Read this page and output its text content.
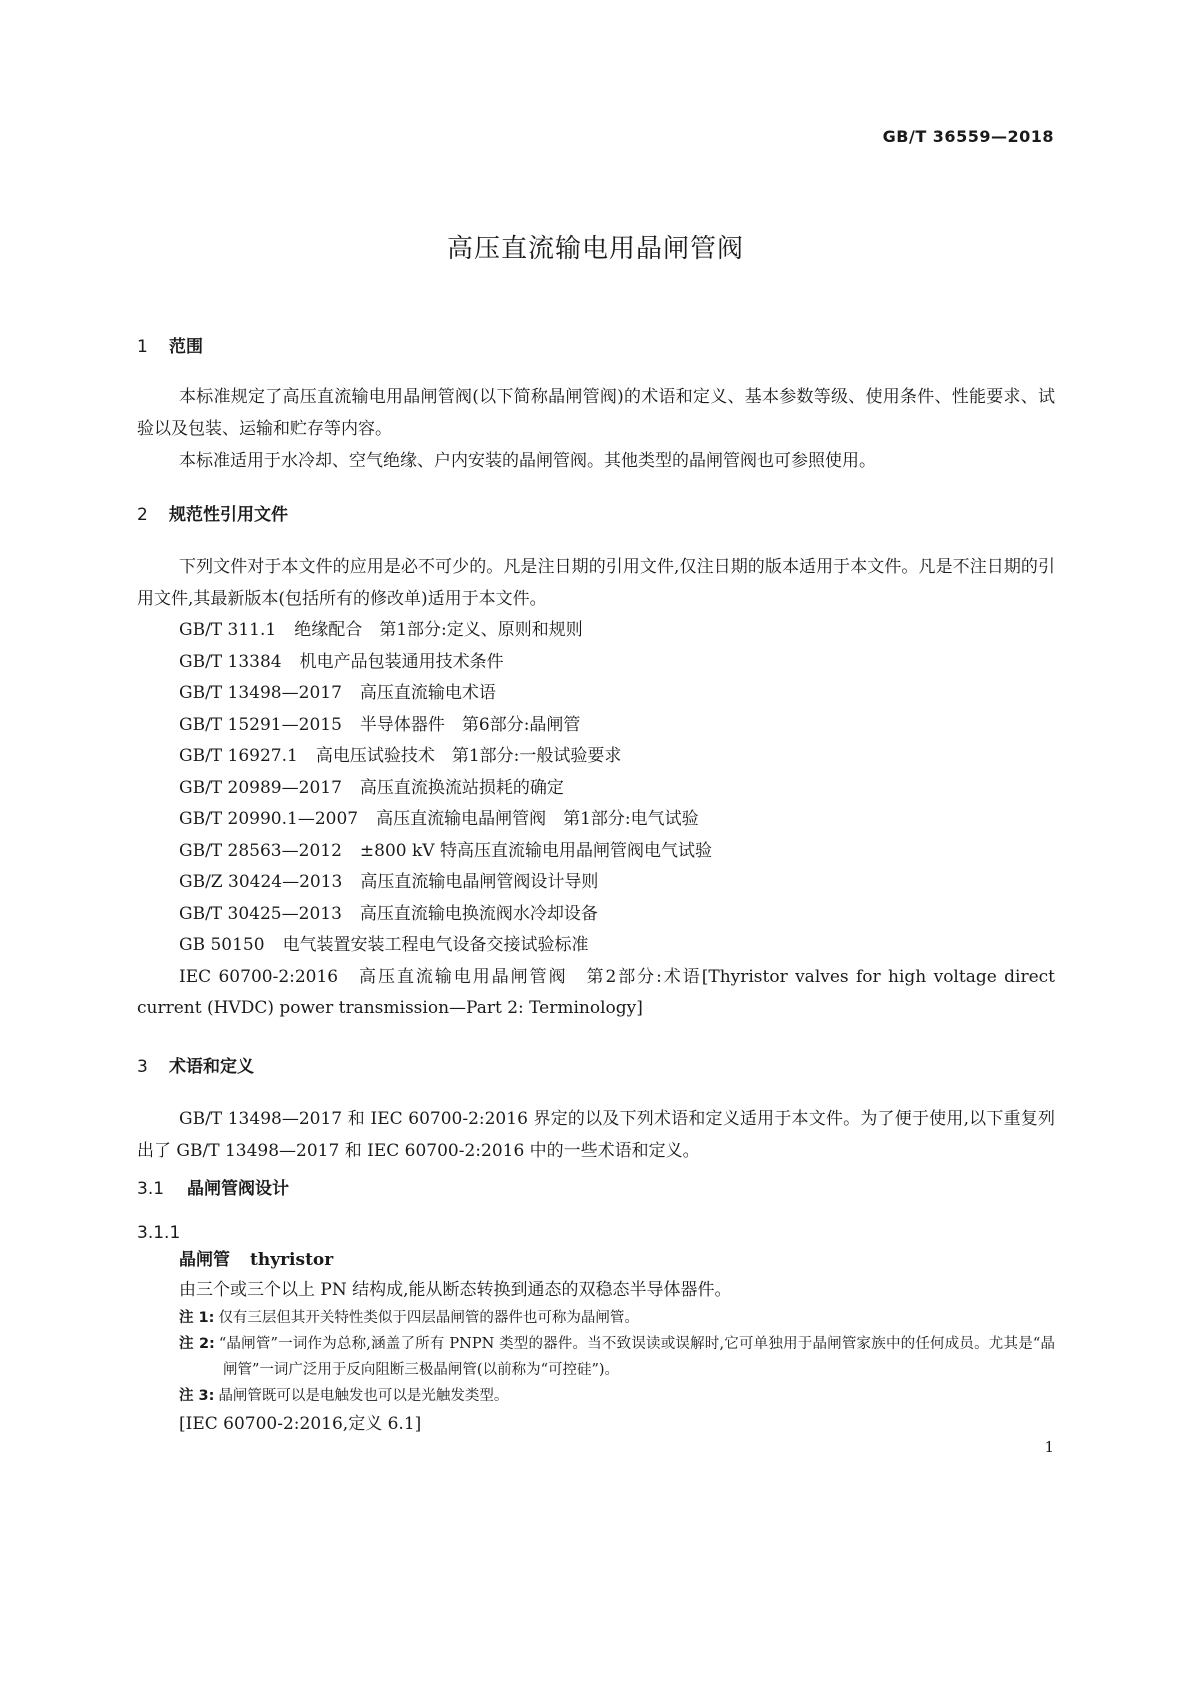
GB/T 36559—2018
高压直流输电用晶闸管阀

1 范围

本标准规定了高压直流输电用晶闸管阀(以下简称晶闸管阀)的术语和定义、基本参数等级、使用条件、性能要求、试验以及包装、运输和贮存等内容。

本标准适用于水冷却、空气绝缘、户内安装的晶闸管阀。其他类型的晶闸管阀也可参照使用。

2 规范性引用文件

下列文件对于本文件的应用是必不可少的。凡是注日期的引用文件,仅注日期的版本适用于本文件。凡是不注日期的引用文件,其最新版本(包括所有的修改单)适用于本文件。

GB/T 311.1 绝缘配合　第1部分:定义、原则和规则

GB/T 13384 机电产品包装通用技术条件

GB/T 13498—2017 高压直流输电术语

GB/T 15291—2015 半导体器件　第6部分:晶闸管

GB/T 16927.1 高电压试验技术　第1部分:一般试验要求

GB/T 20989—2017 高压直流换流站损耗的确定

GB/T 20990.1—2007 高压直流输电晶闸管阀　第1部分:电气试验

GB/T 28563—2012 ±800 kV 特高压直流输电用晶闸管阀电气试验

GB/Z 30424—2013 高压直流输电晶闸管阀设计导则

GB/T 30425—2013 高压直流输电换流阀水冷却设备

GB 50150 电气装置安装工程电气设备交接试验标准

IEC 60700-2:2016　高压直流输电用晶闸管阀　第2部分:术语[Thyristor valves for high voltage direct current (HVDC) power transmission—Part 2: Terminology]

3 术语和定义

GB/T 13498—2017 和 IEC 60700-2:2016 界定的以及下列术语和定义适用于本文件。为了便于使用,以下重复列出了 GB/T 13498—2017 和 IEC 60700-2:2016 中的一些术语和定义。

3.1 晶闸管阀设计

3.1.1

晶闸管 thyristor

由三个或三个以上 PN 结构成,能从断态转换到通态的双稳态半导体器件。

注 1: 仅有三层但其开关特性类似于四层晶闸管的器件也可称为晶闸管。

注 2: “晶闸管”一词作为总称,涵盖了所有 PNPN 类型的器件。当不致误读或误解时,它可单独用于晶闸管家族中的任何成员。尤其是“晶闸管”一词广泛用于反向阻断三极晶闸管(以前称为“可控硅”)。

注 3: 晶闸管既可以是电触发也可以是光触发类型。

[IEC 60700-2:2016,定义 6.1]

1
